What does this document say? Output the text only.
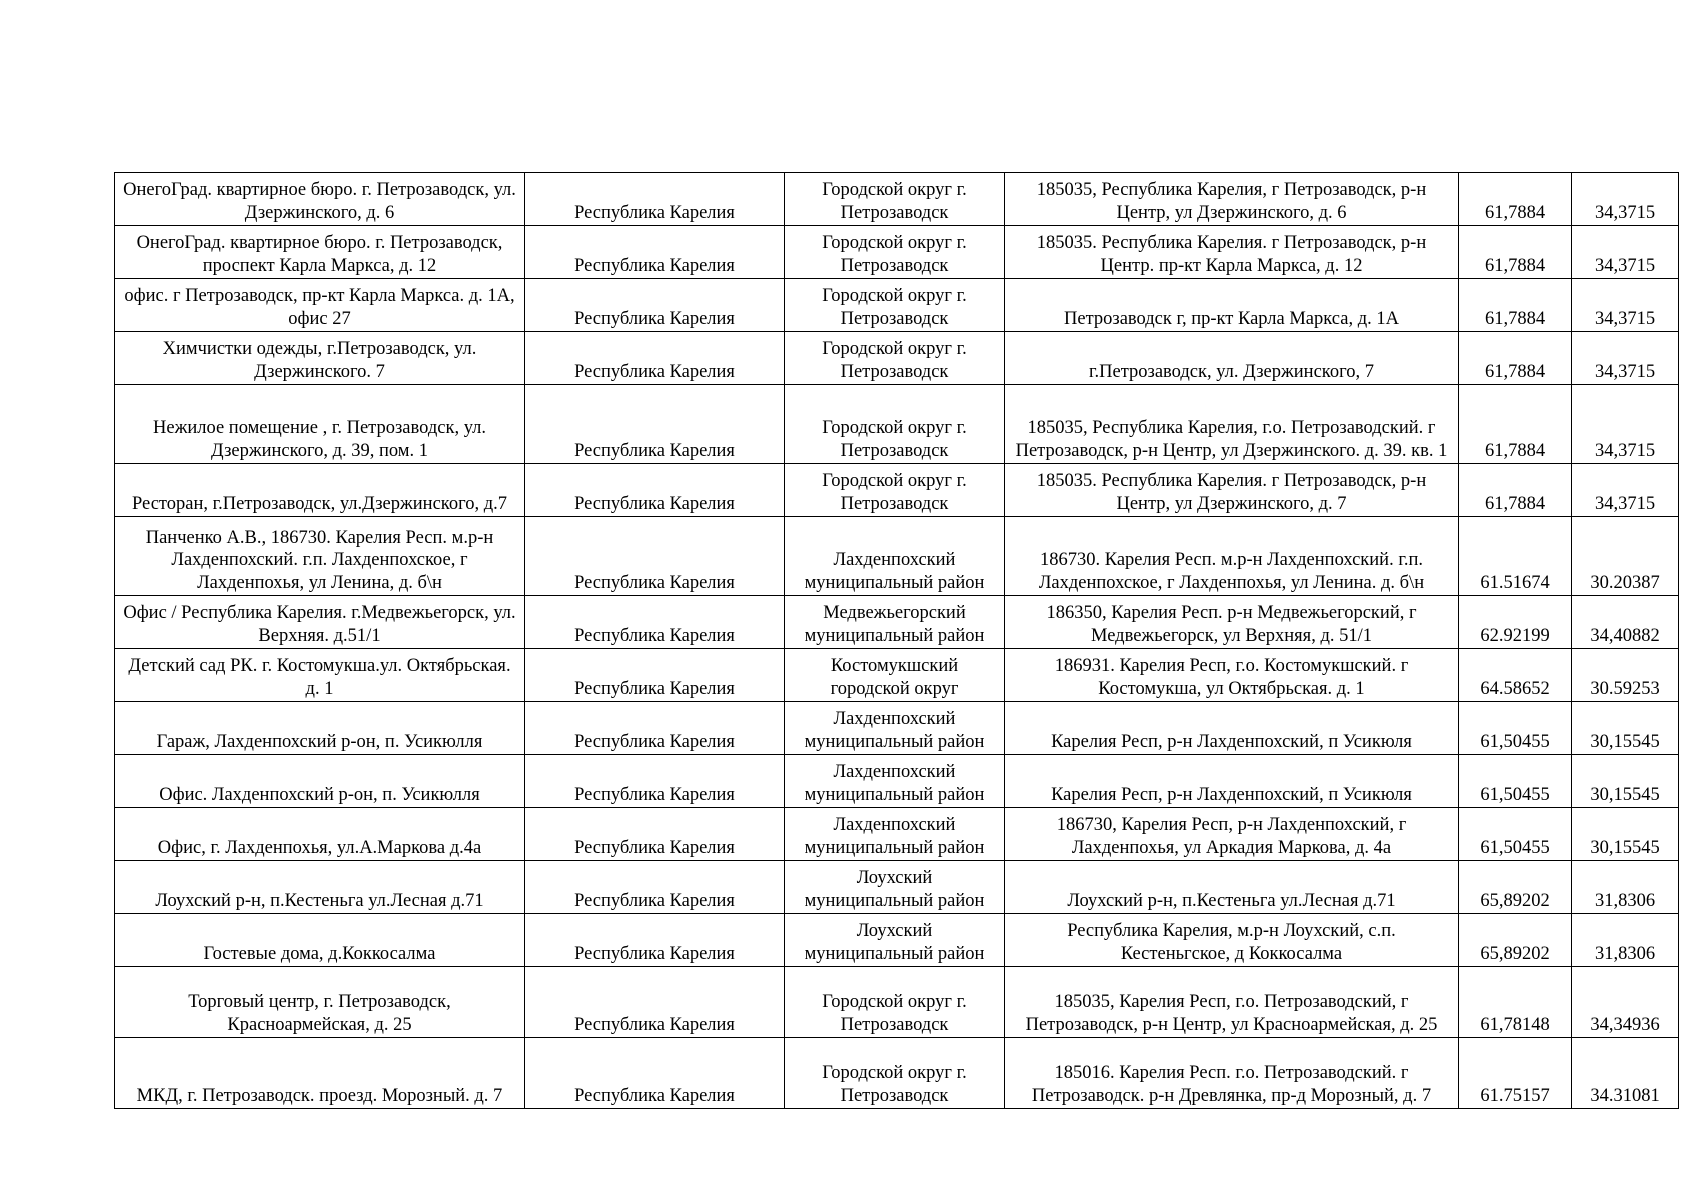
ОнегоГрад. квартирное бюро. г. Петрозаводск, ул. Дзержинского, д. 6	Республика Карелия	Городской округ г. Петрозаводск	185035, Республика Карелия, г Петрозаводск, р-н Центр, ул Дзержинского, д. 6	61,7884	34,3715
ОнегоГрад. квартирное бюро. г. Петрозаводск, проспект Карла Маркса, д. 12	Республика Карелия	Городской округ г. Петрозаводск	185035. Республика Карелия. г Петрозаводск, р-н Центр. пр-кт Карла Маркса, д. 12	61,7884	34,3715
офис. г Петрозаводск, пр-кт Карла Маркса. д. 1А, офис 27	Республика Карелия	Городской округ г. Петрозаводск	Петрозаводск г, пр-кт Карла Маркса, д. 1А	61,7884	34,3715
Химчистки одежды, г.Петрозаводск, ул. Дзержинского. 7	Республика Карелия	Городской округ г. Петрозаводск	г.Петрозаводск, ул. Дзержинского, 7	61,7884	34,3715
Нежилое помещение , г. Петрозаводск, ул. Дзержинского, д. 39, пом. 1	Республика Карелия	Городской округ г. Петрозаводск	185035, Республика Карелия, г.о. Петрозаводский. г Петрозаводск, р-н Центр, ул Дзержинского. д. 39. кв. 1	61,7884	34,3715
Ресторан, г.Петрозаводск, ул.Дзержинского, д.7	Республика Карелия	Городской округ г. Петрозаводск	185035. Республика Карелия. г Петрозаводск, р-н Центр, ул Дзержинского, д. 7	61,7884	34,3715
Панченко А.В., 186730. Карелия Респ. м.р-н Лахденпохский. г.п. Лахденпохское, г Лахденпохья, ул Ленина, д. б\н	Республика Карелия	Лахденпохский муниципальный район	186730. Карелия Респ. м.р-н Лахденпохский. г.п. Лахденпохское, г Лахденпохья, ул Ленина. д. б\н	61.51674	30.20387
Офис / Республика Карелия. г.Медвежьегорск, ул. Верхняя. д.51/1	Республика Карелия	Медвежьегорский муниципальный район	186350, Карелия Респ. р-н Медвежьегорский, г Медвежьегорск, ул Верхняя, д. 51/1	62.92199	34,40882
Детский сад РК. г. Костомукша.ул. Октябрьская. д. 1	Республика Карелия	Костомукшский городской округ	186931. Карелия Респ, г.о. Костомукшский. г Костомукша, ул Октябрьская. д. 1	64.58652	30.59253
Гараж, Лахденпохский р-он, п. Усикюлля	Республика Карелия	Лахденпохский муниципальный район	Карелия Респ, р-н Лахденпохский, п Усикюля	61,50455	30,15545
Офис. Лахденпохский р-он, п. Усикюлля	Республика Карелия	Лахденпохский муниципальный район	Карелия Респ, р-н Лахденпохский, п Усикюля	61,50455	30,15545
Офис, г. Лахденпохья, ул.А.Маркова д.4а	Республика Карелия	Лахденпохский муниципальный район	186730, Карелия Респ, р-н Лахденпохский, г Лахденпохья, ул Аркадия Маркова, д. 4а	61,50455	30,15545
Лоухский р-н, п.Кестеньга ул.Лесная д.71	Республика Карелия	Лоухский муниципальный район	Лоухский р-н, п.Кестеньга ул.Лесная д.71	65,89202	31,8306
Гостевые дома, д.Коккосалма	Республика Карелия	Лоухский муниципальный район	Республика Карелия, м.р-н Лоухский, с.п. Кестеньгское, д Коккосалма	65,89202	31,8306
Торговый центр, г. Петрозаводск, Красноармейская, д. 25	Республика Карелия	Городской округ г. Петрозаводск	185035, Карелия Респ, г.о. Петрозаводский, г Петрозаводск, р-н Центр, ул Красноармейская, д. 25	61,78148	34,34936
МКД, г. Петрозаводск. проезд. Морозный. д. 7	Республика Карелия	Городской округ г. Петрозаводск	185016. Карелия Респ. г.о. Петрозаводский. г Петрозаводск. р-н Древлянка, пр-д Морозный, д. 7	61.75157	34.31081
